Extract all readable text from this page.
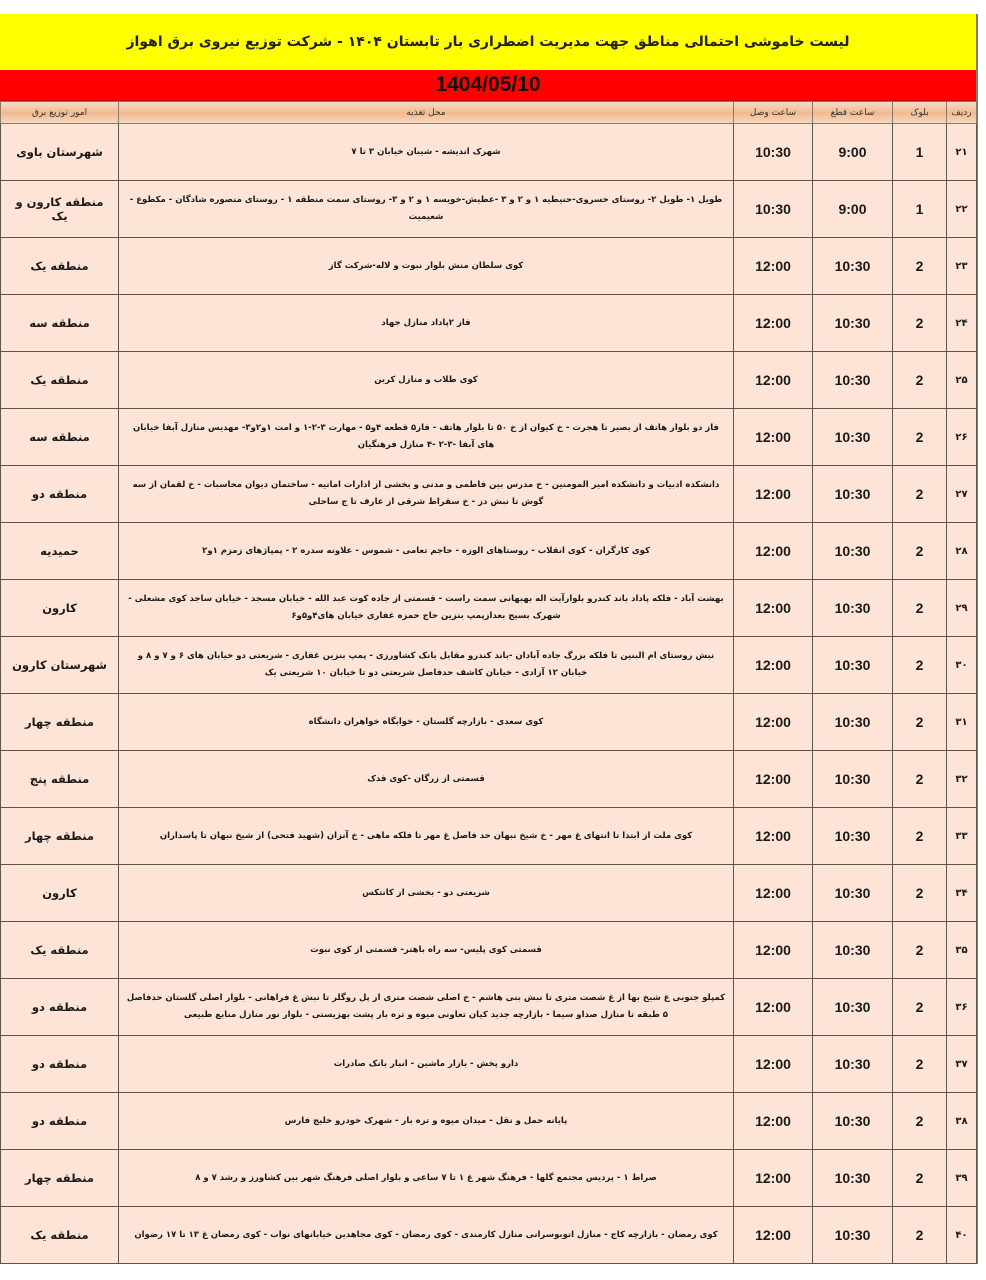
لیست خاموشی احتمالی مناطق جهت مدیریت اضطراری بار تابستان ۱۴۰۴ - شرکت توزیع نیروی برق اهواز
1404/05/10
ردیف	بلوک	ساعت قطع	ساعت وصل	محل تغذیه	امور توزیع برق
۲۱	1	9:00	10:30	شهرک اندیشه - شیبان خیابان ۳ تا ۷	شهرستان باوی
۲۲	1	9:00	10:30	طویل ۱- طویل ۲- روستای خسروی-حنیطیه ۱ و ۲ و ۳ -عطیش-خویسه ۱ و ۲ و ۳- روستای سمت منطقه ۱ - روستای منصوره شادگان - مکطوع - شعیمیت	منطقه کارون و یک
۲۳	2	10:30	12:00	کوی سلطان منش بلوار نبوت و لاله-شرکت گاز	منطقه یک
۲۴	2	10:30	12:00	فاز ۲پاداد منازل جهاد	منطقه سه
۲۵	2	10:30	12:00	کوی طلاب و منازل کربن	منطقه یک
۲۶	2	10:30	12:00	فاز دو بلوار هاتف از بصیر تا هجرت - خ کیوان از خ ۵۰ تا بلوار هاتف - فاز۵ قطعه ۴و۵ - مهارت ۳-۲-۱ و امت ۱و۲و۳- مهدیس منازل آبفا خیابان های آبفا -۳-۲ -۴ منازل فرهنگیان	منطقه سه
۲۷	2	10:30	12:00	دانشکده ادبیات و دانشکده امیر المومنین - خ مدرس بین فاطمی و مدنی و بخشی از ادارات امانیه - ساختمان دیوان محاسبات - خ لقمان از سه گوش تا نبش دز - خ سقراط شرقی از عارف تا ج ساحلی	منطقه دو
۲۸	2	10:30	12:00	کوی کارگران - کوی انقلاب - روستاهای الوزه - حاجم تعامی - شموس - علاونه سدره ۲ - پمپاژهای زمزم ۱و۲	حمیدیه
۲۹	2	10:30	12:00	بهشت آباد - فلکه پاداد باند کندرو بلوارآیت اله بهبهانی سمت راست - قسمتی از جاده کوت عبد الله - خیابان مسجد - خیابان ساجد کوی مشعلی - شهرک بسیج بعدازپمپ بنزین حاج حمزه غفاری خیابان های۴و۵و۶	کارون
۳۰	2	10:30	12:00	نبش روستای ام البنین تا فلکه بزرگ جاده آبادان -باند کندرو مقابل بانک کشاورزی - پمپ بنزین غفاری - شریعتی دو خیابان های ۶ و ۷ و ۸ و خیابان ۱۲ آزادی - خیابان کاشف حدفاصل شریعتی دو تا خیابان ۱۰ شریعتی یک	شهرستان کارون
۳۱	2	10:30	12:00	کوی سعدی - بازارچه گلستان - خوابگاه خواهران دانشگاه	منطقه چهار
۳۲	2	10:30	12:00	قسمتی از زرگان -کوی فدک	منطقه پنج
۳۳	2	10:30	12:00	کوی ملت از ابتدا تا انتهای غ مهر - خ شیخ نبهان حد فاصل غ مهر تا فلکه ماهی - خ آنزان (شهید فتحی) از شیخ نبهان تا پاسداران	منطقه چهار
۳۴	2	10:30	12:00	شریعتی دو - بخشی از کانتکس	کارون
۳۵	2	10:30	12:00	قسمتی کوی پلیس- سه راه باهنر- قسمتی از کوی نبوت	منطقه یک
۳۶	2	10:30	12:00	کمپلو جنوبی غ شیخ بها از غ شصت متری تا نبش بنی هاشم - خ اصلی شصت متری از پل روگلر تا نبش غ فراهانی - بلوار اصلی گلستان حدفاصل ۵ طبقه تا منازل صداو سیما - بازارچه جدید کیان تعاونی میوه و تره بار پشت بهزیستی - بلوار نور منازل منابع طبیعی	منطقه دو
۳۷	2	10:30	12:00	دارو پخش - بازار ماشین - انبار بانک صادرات	منطقه دو
۳۸	2	10:30	12:00	پایانه حمل و نقل - میدان میوه و تره بار - شهرک خودرو خلیج فارس	منطقه دو
۳۹	2	10:30	12:00	صراط ۱ - پردیس مجتمع گلها - فرهنگ شهر غ ۱ تا ۷ ساعی و بلوار اصلی فرهنگ شهر بین کشاورز و رشد ۷ و ۸	منطقه چهار
۴۰	2	10:30	12:00	کوی رمضان - بازارچه کاج - منازل اتوبوسرانی منازل کارمندی - کوی رمضان - کوی مجاهدین خیابانهای نواب - کوی رمضان غ ۱۳ تا ۱۷ رضوان	منطقه یک
